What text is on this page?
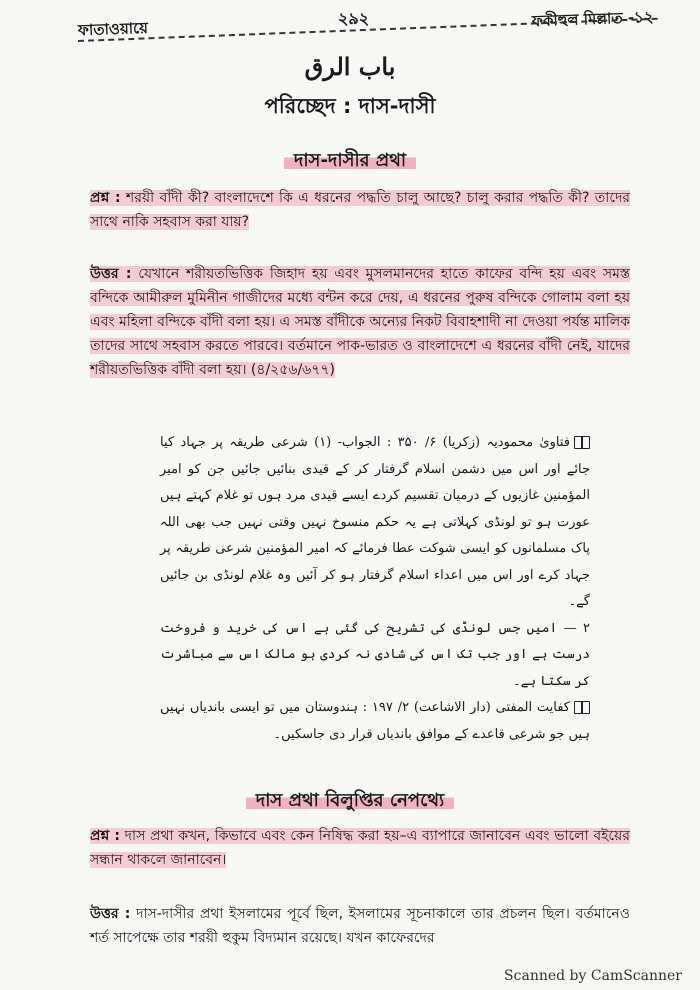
ফাতাওয়ায়ে
২৯২	ফকীহুল মিল্লাত -১২
باب الرق
পরিচ্ছেদ : দাস-দাসী
দাস-দাসীর প্রথা
প্রশ্ন : শরয়ী বাঁদী কী? বাংলাদেশে কি এ ধরনের পদ্ধতি চালু আছে? চালু করার পদ্ধতি কী? তাদের সাথে নাকি সহবাস করা যায়?
উত্তর : যেখানে শরীয়তভিত্তিক জিহাদ হয় এবং মুসলমানদের হাতে কাফের বন্দি হয় এবং সমস্ত বন্দিকে আমীরুল মুমিনীন গাজীদের মধ্যে বন্টন করে দেয়, এ ধরনের পুরুষ বন্দিকে গোলাম বলা হয় এবং মহিলা বন্দিকে বাঁদী বলা হয়। এ সমস্ত বাঁদীকে অন্যের নিকট বিবাহশাদী না দেওয়া পর্যন্ত মালিক তাদের সাথে সহবাস করতে পারবে। বর্তমানে পাক-ভারত ও বাংলাদেশে এ ধরনের বাঁদী নেই, যাদের শরীয়তভিত্তিক বাঁদী বলা হয়। (৪/২৫৬/৬৭৭)

فتاویٰ محمودیہ (زکریا) ۶/ ۳۵۰ : الجواب- (۱) شرعی طریقہ پر جہاد کیا جائے اور اس میں دشمن اسلام گرفتار کر کے قیدی بنائیں جائیں جن کو امیر المؤمنین غازیوں کے درمیان تقسیم کردے ایسے قیدی مرد ہوں تو غلام کہتے ہیں عورت ہو تو لونڈی کہلاتی ہے یہ حکم منسوخ نہیں وقتی نہیں جب بھی اللہ پاک مسلمانوں کو ایسی شوکت عطا فرمائے کہ امیر المؤمنین شرعی طریقہ پر جہاد کرے اور اس میں اعداء اسلام گرفتار ہو کر آئیں وہ غلام لونڈی بن جائیں گے۔

۲ — امیں جس لونڈی کی تشریح کی گئی ہے اس کی خرید و فروخت درست ہے اور جب تک اس کی شادی نہ کردی ہو مالک اس سے مباشرت کر سکتا ہے۔

کفایت المفتی (دار الاشاعت) ۲/ ۱۹۷ : ہندوستان میں تو ایسی باندیاں نہیں ہیں جو شرعی قاعدے کے موافق باندیاں قرار دی جاسکیں۔

দাস প্রথা বিলুপ্তির নেপথ্যে
প্রশ্ন : দাস প্রথা কখন, কিভাবে এবং কেন নিষিদ্ধ করা হয়–এ ব্যাপারে জানাবেন এবং ভালো বইয়ের সন্ধান থাকলে জানাবেন।
উত্তর : দাস-দাসীর প্রথা ইসলামের পূর্বে ছিল, ইসলামের সূচনাকালে তার প্রচলন ছিল। বর্তমানেও শর্ত সাপেক্ষে তার শরয়ী হুকুম বিদ্যমান রয়েছে। যখন কাফেরদের
Scanned by CamScanner
